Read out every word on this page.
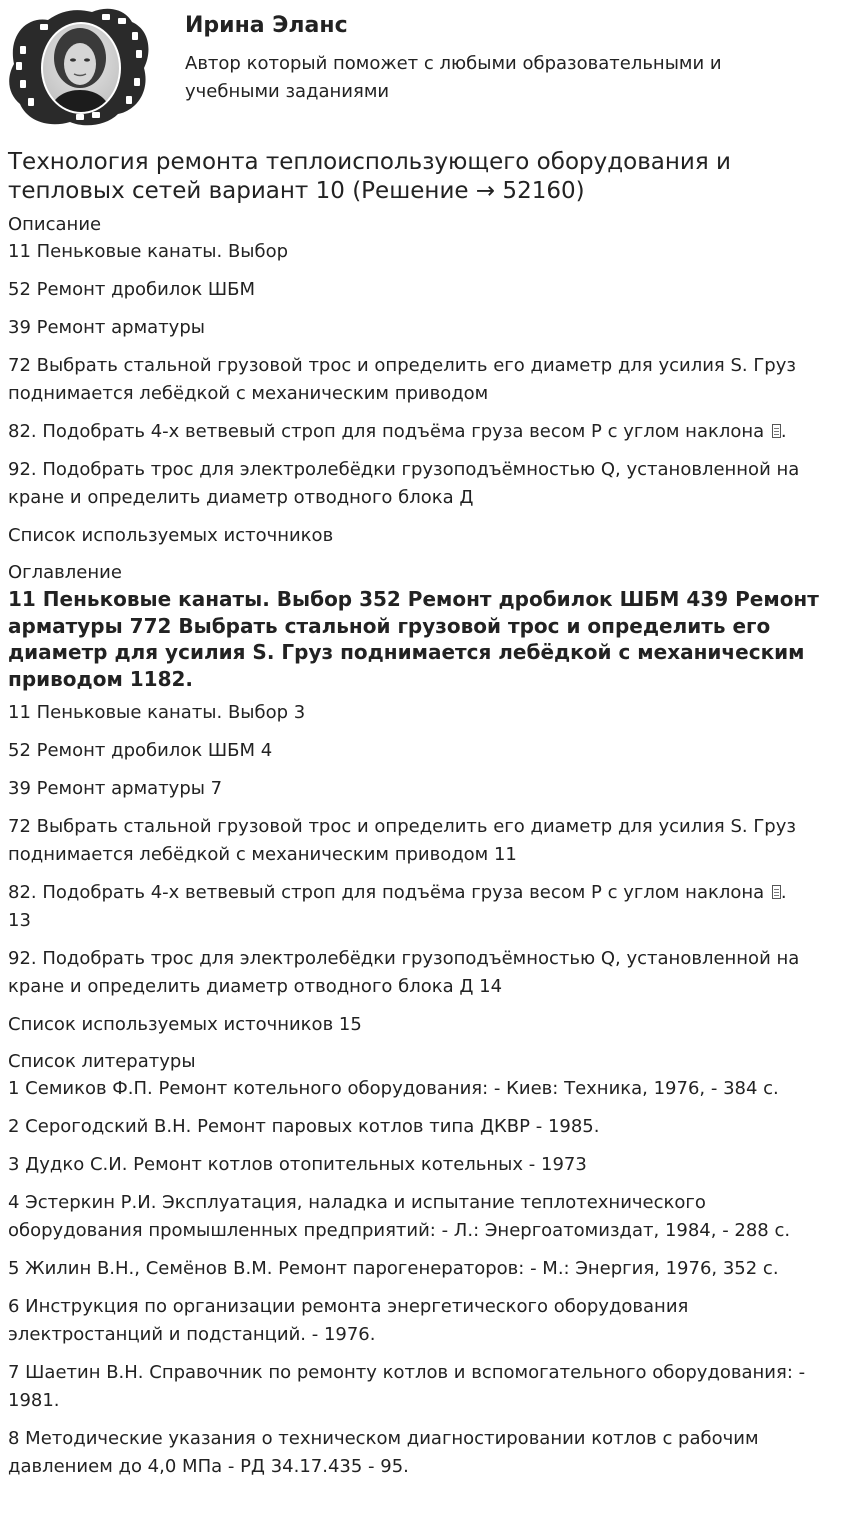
Ирина Эланс

Автор который поможет с любыми образовательными и учебными заданиями

Технология ремонта теплоиспользующего оборудования и тепловых сетей вариант 10 (Решение → 52160)
Описание

11 Пеньковые канаты. Выбор

52 Ремонт дробилок ШБМ

39 Ремонт арматуры

72 Выбрать стальной грузовой трос и определить его диаметр для усилия S. Груз поднимается лебёдкой с механическим приводом

82. Подобрать 4-х ветвевый строп для подъёма груза весом Р с углом наклона .

92. Подобрать трос для электролебёдки грузоподъёмностью Q, установленной на кране и определить диаметр отводного блока Д

Список используемых источников

Оглавление

11 Пеньковые канаты. Выбор 352 Ремонт дробилок ШБМ 439 Ремонт арматуры 772 Выбрать стальной грузовой трос и определить его диаметр для усилия S. Груз поднимается лебёдкой с механическим приводом 1182.

11 Пеньковые канаты. Выбор 3

52 Ремонт дробилок ШБМ 4

39 Ремонт арматуры 7

72 Выбрать стальной грузовой трос и определить его диаметр для усилия S. Груз поднимается лебёдкой с механическим приводом 11

82. Подобрать 4-х ветвевый строп для подъёма груза весом Р с углом наклона .
13

92. Подобрать трос для электролебёдки грузоподъёмностью Q, установленной на кране и определить диаметр отводного блока Д 14

Список используемых источников 15

Список литературы

1 Семиков Ф.П. Ремонт котельного оборудования: - Киев: Техника, 1976, - 384 с.

2 Серогодский В.Н. Ремонт паровых котлов типа ДКВР - 1985.

3 Дудко С.И. Ремонт котлов отопительных котельных - 1973

4 Эстеркин Р.И. Эксплуатация, наладка и испытание теплотехнического оборудования промышленных предприятий: - Л.: Энергоатомиздат, 1984, - 288 с.

5 Жилин В.Н., Семёнов В.М. Ремонт парогенераторов: - М.: Энергия, 1976, 352 с.

6 Инструкция по организации ремонта энергетического оборудования электростанций и подстанций. - 1976.

7 Шаетин В.Н. Справочник по ремонту котлов и вспомогательного оборудования: - 1981.

8 Методические указания о техническом диагностировании котлов с рабочим давлением до 4,0 МПа - РД 34.17.435 - 95.
